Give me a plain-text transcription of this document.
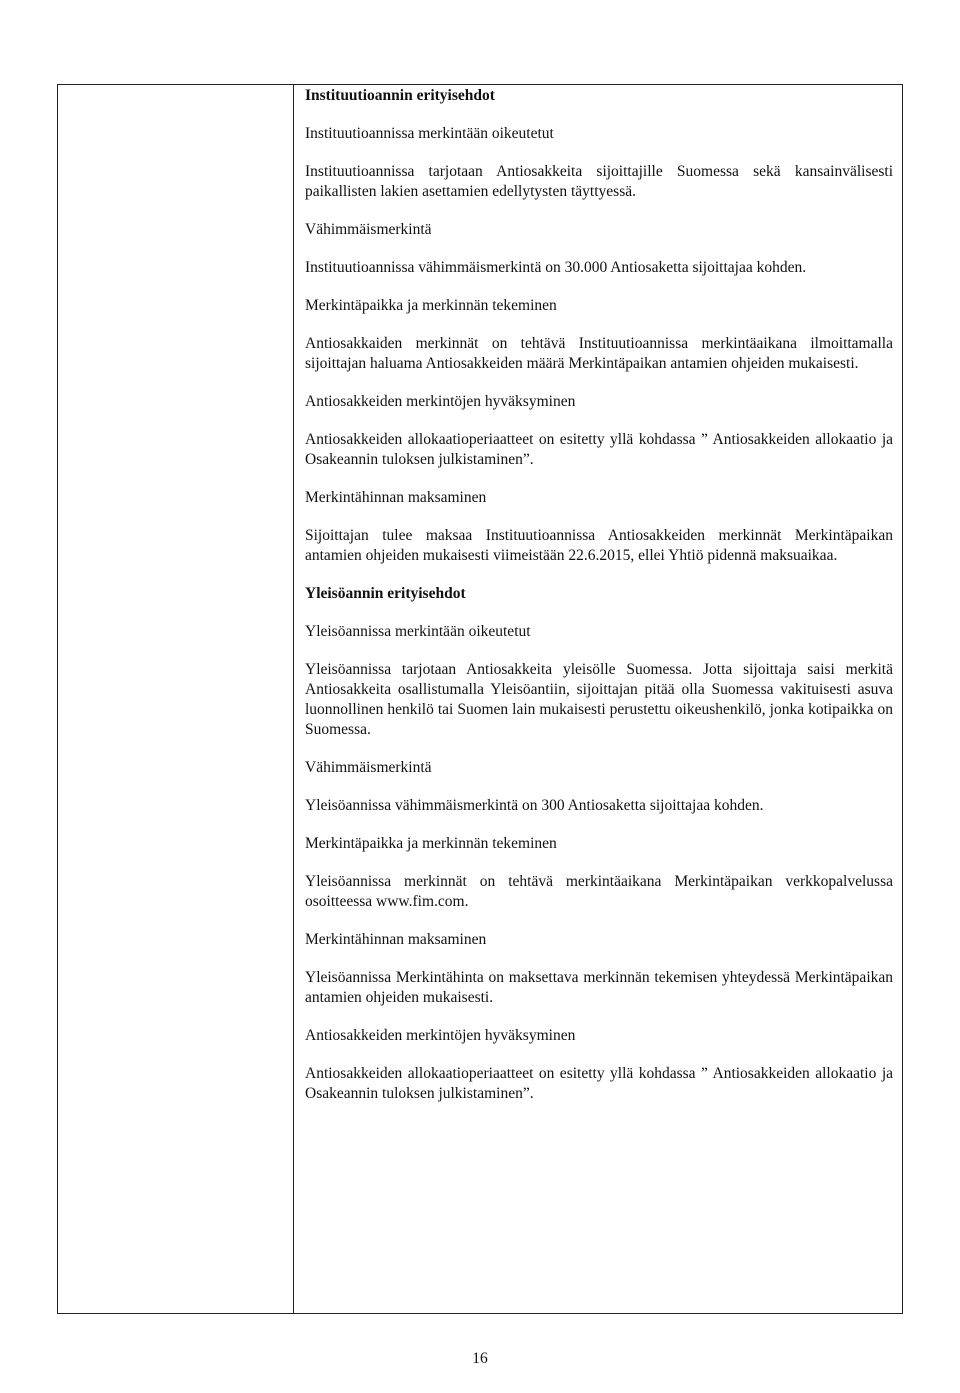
Instituutioannin erityisehdot

Instituutioannissa merkintään oikeutetut

Instituutioannissa tarjotaan Antiosakkeita sijoittajille Suomessa sekä kansainvälisesti paikallisten lakien asettamien edellytysten täyttyessä.

Vähimmäismerkintä

Instituutioannissa vähimmäismerkintä on 30.000 Antiosaketta sijoittajaa kohden.

Merkintäpaikka ja merkinnän tekeminen

Antiosakkaiden merkinnät on tehtävä Instituutioannissa merkintäaikana ilmoittamalla sijoittajan haluama Antiosakkeiden määrä Merkintäpaikan antamien ohjeiden mukaisesti.

Antiosakkeiden merkintöjen hyväksyminen

Antiosakkeiden allokaatioperiaatteet on esitetty yllä kohdassa ” Antiosakkeiden allokaatio ja Osakeannin tuloksen julkistaminen”.

Merkintähinnan maksaminen

Sijoittajan tulee maksaa Instituutioannissa Antiosakkeiden merkinnät Merkintäpaikan antamien ohjeiden mukaisesti viimeistään 22.6.2015, ellei Yhtiö pidennä maksuaikaa.

Yleisöannin erityisehdot

Yleisöannissa merkintään oikeutetut

Yleisöannissa tarjotaan Antiosakkeita yleisölle Suomessa. Jotta sijoittaja saisi merkitä Antiosakkeita osallistumalla Yleisöantiin, sijoittajan pitää olla Suomessa vakituisesti asuva luonnollinen henkilö tai Suomen lain mukaisesti perustettu oikeushenkilö, jonka kotipaikka on Suomessa.

Vähimmäismerkintä

Yleisöannissa vähimmäismerkintä on 300 Antiosaketta sijoittajaa kohden.

Merkintäpaikka ja merkinnän tekeminen

Yleisöannissa merkinnät on tehtävä merkintäaikana Merkintäpaikan verkkopalvelussa osoitteessa www.fim.com.

Merkintähinnan maksaminen

Yleisöannissa Merkintähinta on maksettava merkinnän tekemisen yhteydessä Merkintäpaikan antamien ohjeiden mukaisesti.

Antiosakkeiden merkintöjen hyväksyminen

Antiosakkeiden allokaatioperiaatteet on esitetty yllä kohdassa ” Antiosakkeiden allokaatio ja Osakeannin tuloksen julkistaminen”.

16
